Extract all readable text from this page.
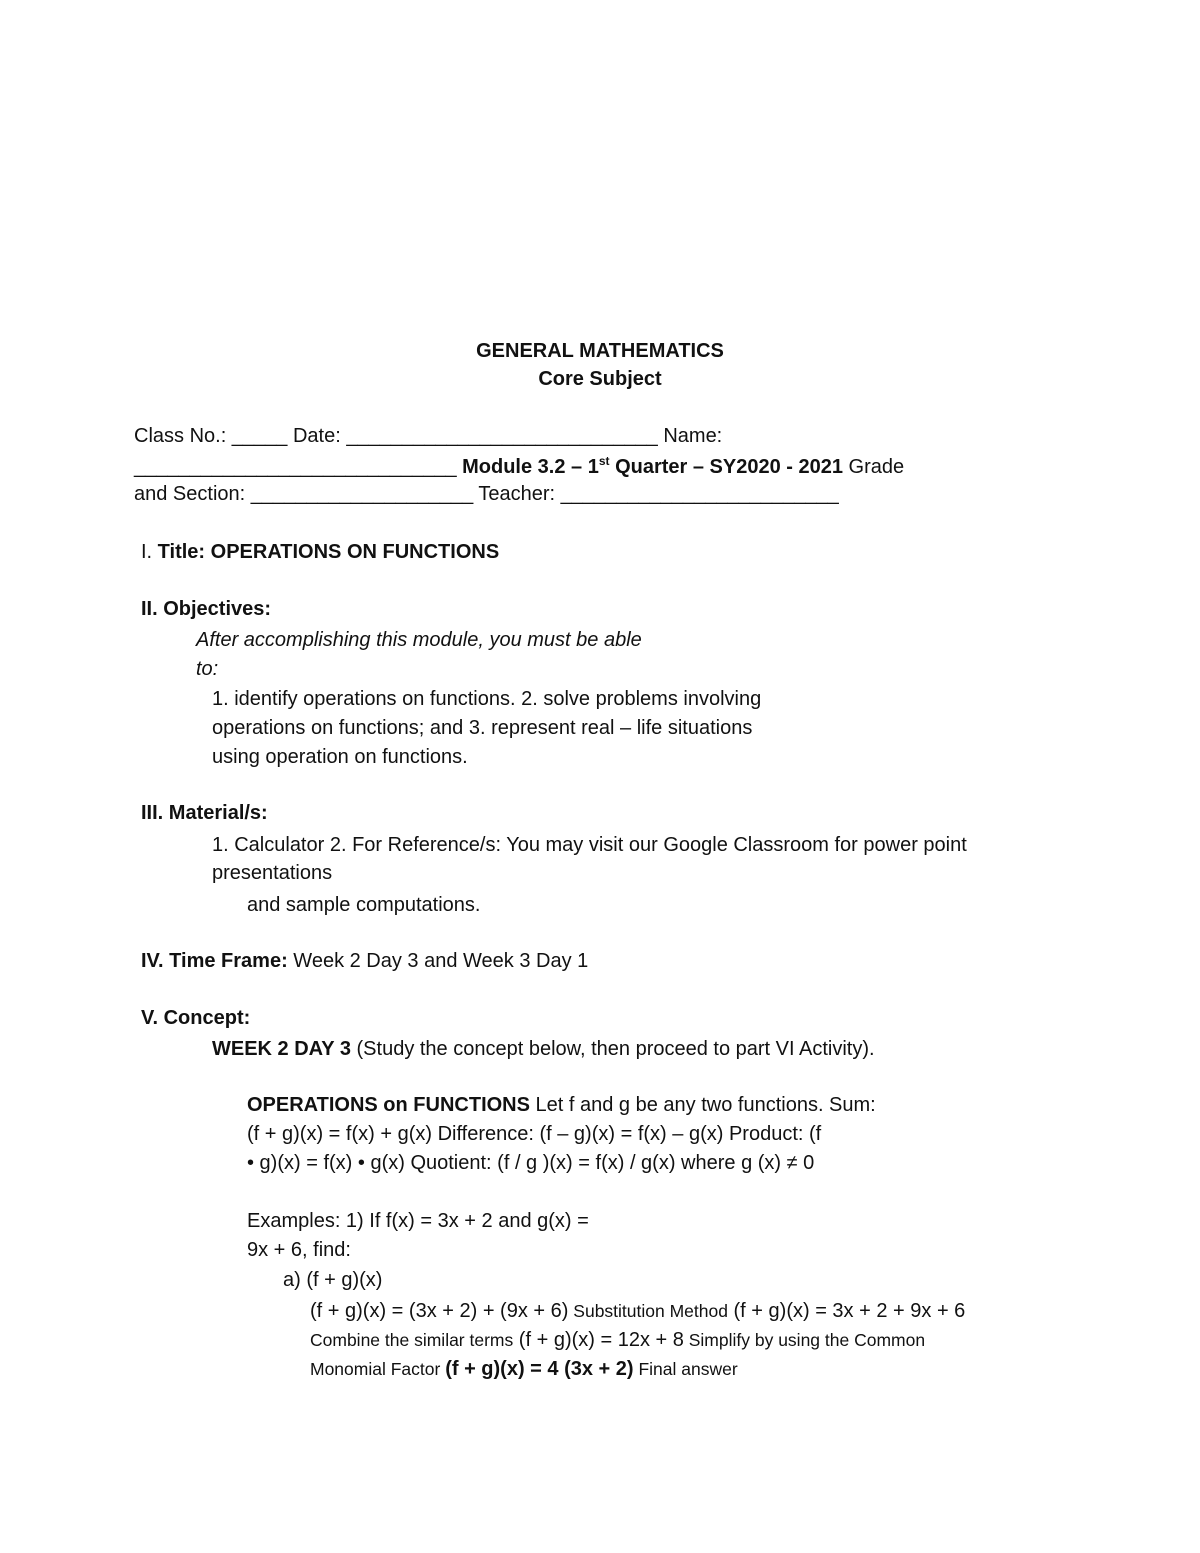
GENERAL MATHEMATICS
Core Subject
Class No.: _____ Date: ____________________________ Name:
_____________________________ Module 3.2 – 1st Quarter – SY2020 - 2021 Grade
and Section: ____________________ Teacher: _________________________
I. Title: OPERATIONS ON FUNCTIONS
II. Objectives:
After accomplishing this module, you must be able
to:
1. identify operations on functions. 2. solve problems involving
operations on functions; and 3. represent real – life situations
using operation on functions.
III. Material/s:
1. Calculator 2. For Reference/s: You may visit our Google Classroom for power point
presentations
and sample computations.
IV. Time Frame: Week 2 Day 3 and Week 3 Day 1
V. Concept:
WEEK 2 DAY 3 (Study the concept below, then proceed to part VI Activity).
OPERATIONS on FUNCTIONS Let f and g be any two functions. Sum:
(f + g)(x) = f(x) + g(x) Difference: (f – g)(x) = f(x) – g(x) Product: (f
• g)(x) = f(x) • g(x) Quotient: (f / g )(x) = f(x) / g(x) where g (x) ≠ 0
Examples: 1) If f(x) = 3x + 2 and g(x) =
9x + 6, find:
a) (f + g)(x)
(f + g)(x) = (3x + 2) + (9x + 6) Substitution Method (f + g)(x) = 3x + 2 + 9x + 6
Combine the similar terms (f + g)(x) = 12x + 8 Simplify by using the Common
Monomial Factor (f + g)(x) = 4 (3x + 2) Final answer
